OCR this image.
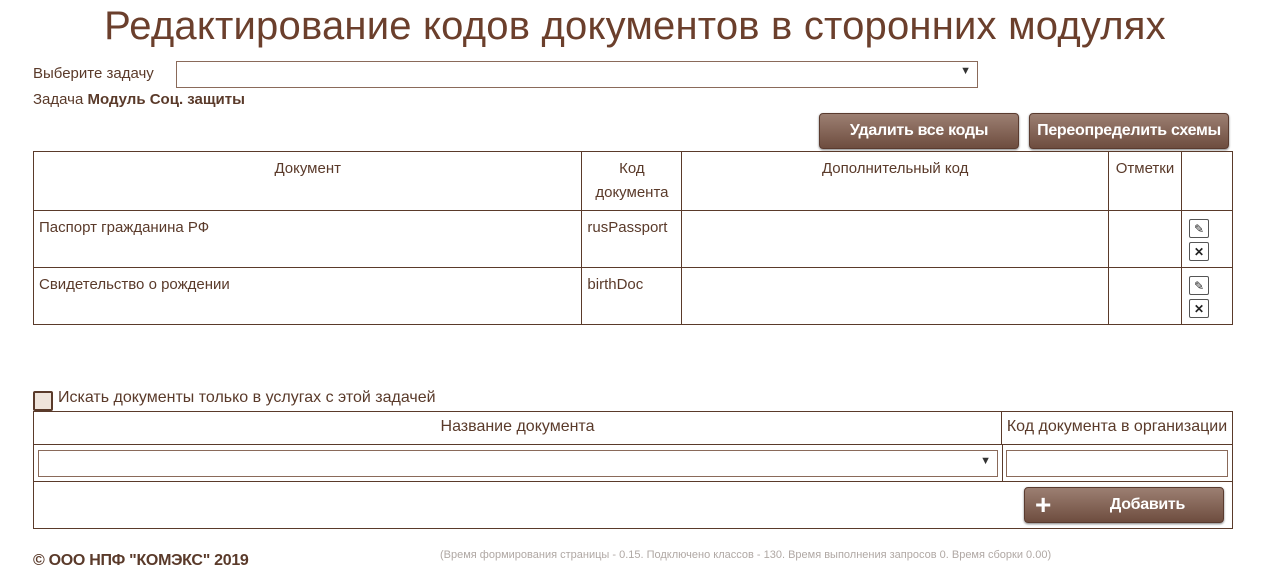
Редактирование кодов документов в сторонних модулях
Выберите задачу	▼
Задача Модуль Соц. защиты
Удалить все коды	Переопределить схемы
Документ	Код документа	Дополнительный код	Отметки	
Паспорт гражданина РФ	rusPassport			✎
✕

Свидетельство о рождении	birthDoc			✎
✕
Искать документы только в услугах с этой задачей
Название документа	Код документа в организации
▼
+	Добавить
© ООО НПФ "КОМЭКС" 2019	(Время формирования страницы - 0.15. Подключено классов - 130. Время выполнения запросов 0. Время сборки 0.00)
